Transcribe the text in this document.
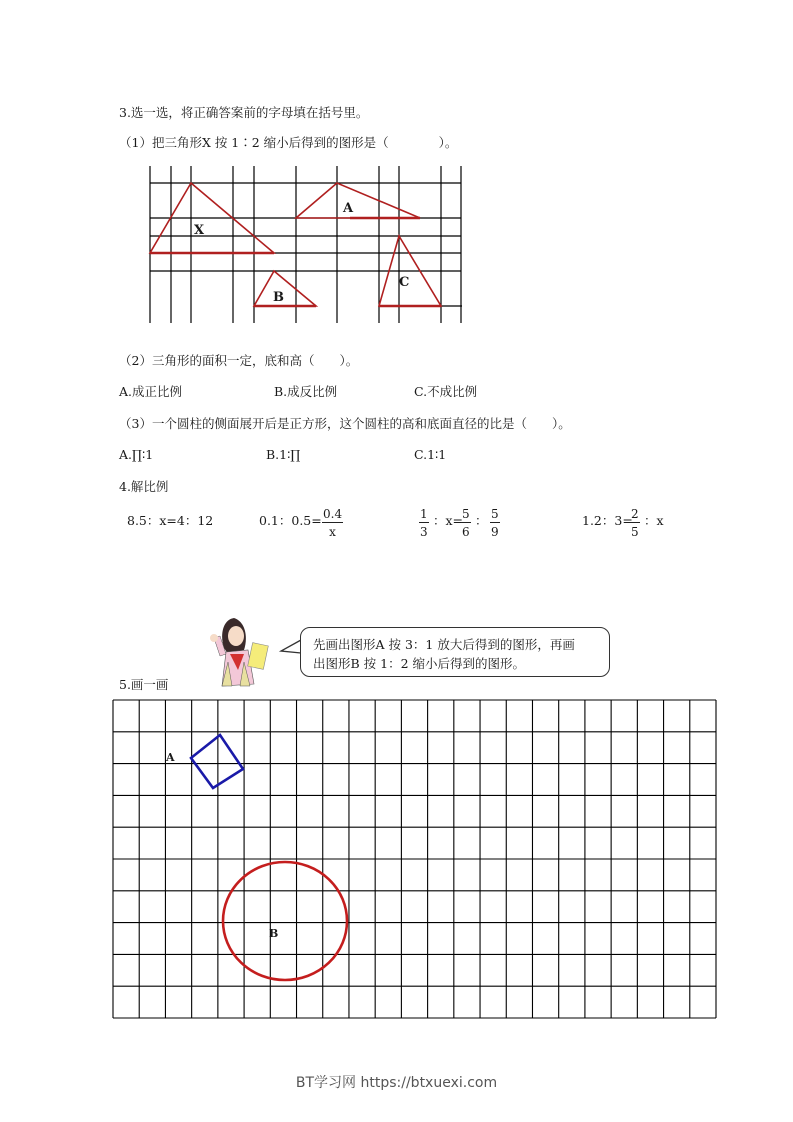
3.选一选，将正确答案前的字母填在括号里。
（1）把三角形X 按 1∶2 缩小后得到的图形是（　　　　）。
X
A
B
C
（2）三角形的面积一定，底和高（　　）。
A.成正比例	B.成反比例	C.不成比例
（3）一个圆柱的侧面展开后是正方形，这个圆柱的高和底面直径的比是（　　）。
A.∏∶1	B.1∶∏	C.1∶1
4.解比例
8.5：x=4：12	0.1：$0.5= \frac{0.4}{x}$	$\frac{1}{3}$ ：x=
$\frac{5}{6}$ ： $\frac{5}{9}$	1.2：3=
$\frac{2}{5}$ ：x
先画出图形A 按 3：1 放大后得到的图形，再画
出图形B 按 1：2 缩小后得到的图形。
5.画一画
A
B
BT学习网 https://btxuexi.com
